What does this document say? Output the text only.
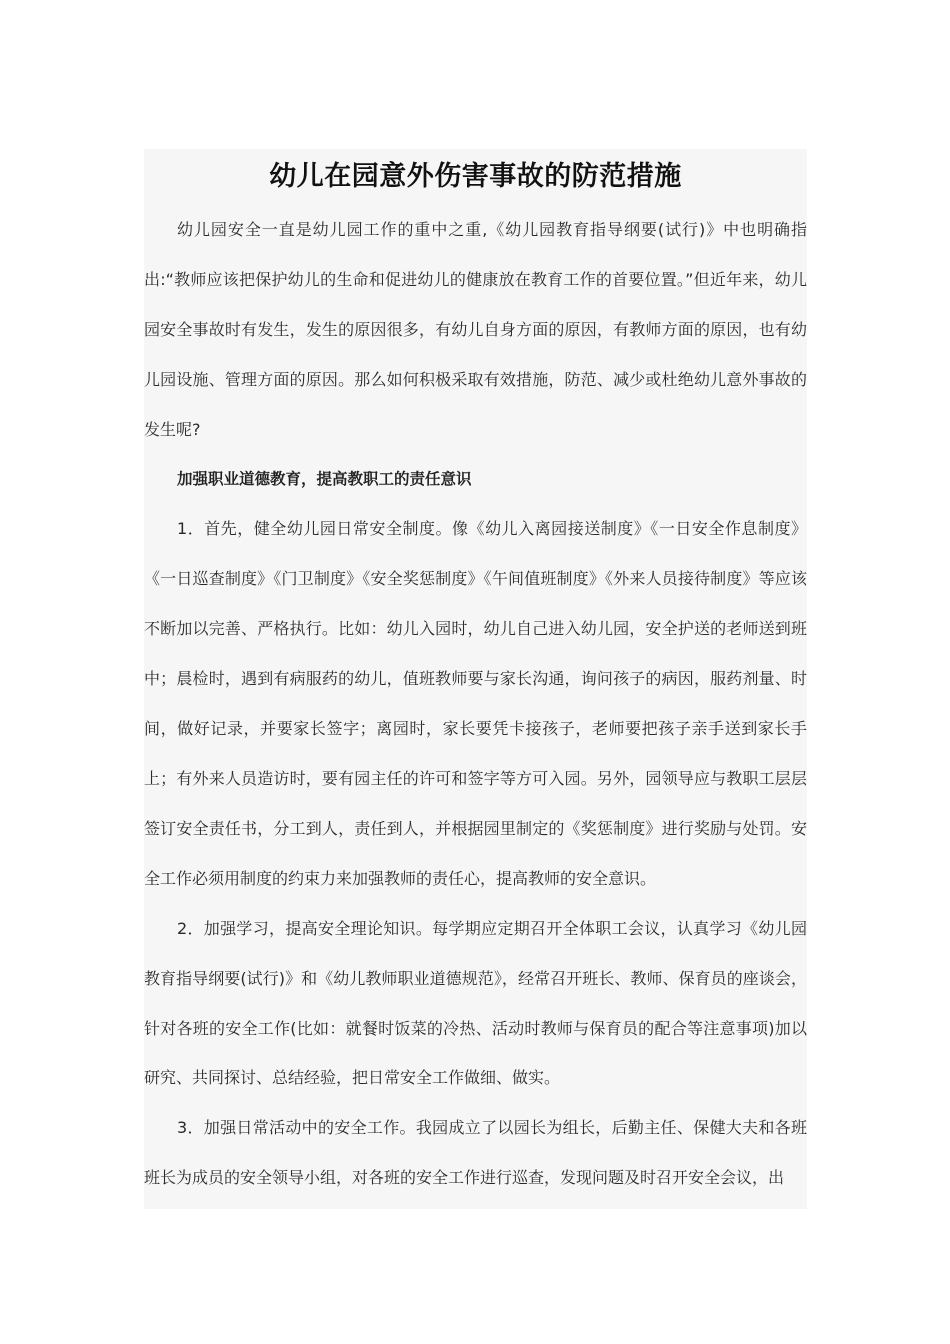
幼儿在园意外伤害事故的防范措施

幼儿园安全一直是幼儿园工作的重中之重,《幼儿园教育指导纲要(试行)》中也明确指出:“教师应该把保护幼儿的生命和促进幼儿的健康放在教育工作的首要位置。”但近年来，幼儿园安全事故时有发生，发生的原因很多，有幼儿自身方面的原因，有教师方面的原因，也有幼儿园设施、管理方面的原因。那么如何积极采取有效措施，防范、减少或杜绝幼儿意外事故的发生呢?

加强职业道德教育，提高教职工的责任意识

1．首先，健全幼儿园日常安全制度。像《幼儿入离园接送制度》《一日安全作息制度》《一日巡查制度》《门卫制度》《安全奖惩制度》《午间值班制度》《外来人员接待制度》等应该不断加以完善、严格执行。比如：幼儿入园时，幼儿自己进入幼儿园，安全护送的老师送到班中；晨检时，遇到有病服药的幼儿，值班教师要与家长沟通，询问孩子的病因，服药剂量、时间，做好记录，并要家长签字；离园时，家长要凭卡接孩子，老师要把孩子亲手送到家长手上；有外来人员造访时，要有园主任的许可和签字等方可入园。另外，园领导应与教职工层层签订安全责任书，分工到人，责任到人，并根据园里制定的《奖惩制度》进行奖励与处罚。安全工作必须用制度的约束力来加强教师的责任心，提高教师的安全意识。

2．加强学习，提高安全理论知识。每学期应定期召开全体职工会议，认真学习《幼儿园教育指导纲要(试行)》和《幼儿教师职业道德规范》，经常召开班长、教师、保育员的座谈会，针对各班的安全工作(比如：就餐时饭菜的冷热、活动时教师与保育员的配合等注意事项)加以研究、共同探讨、总结经验，把日常安全工作做细、做实。

3．加强日常活动中的安全工作。我园成立了以园长为组长，后勤主任、保健大夫和各班班长为成员的安全领导小组，对各班的安全工作进行巡查，发现问题及时召开安全会议，出
